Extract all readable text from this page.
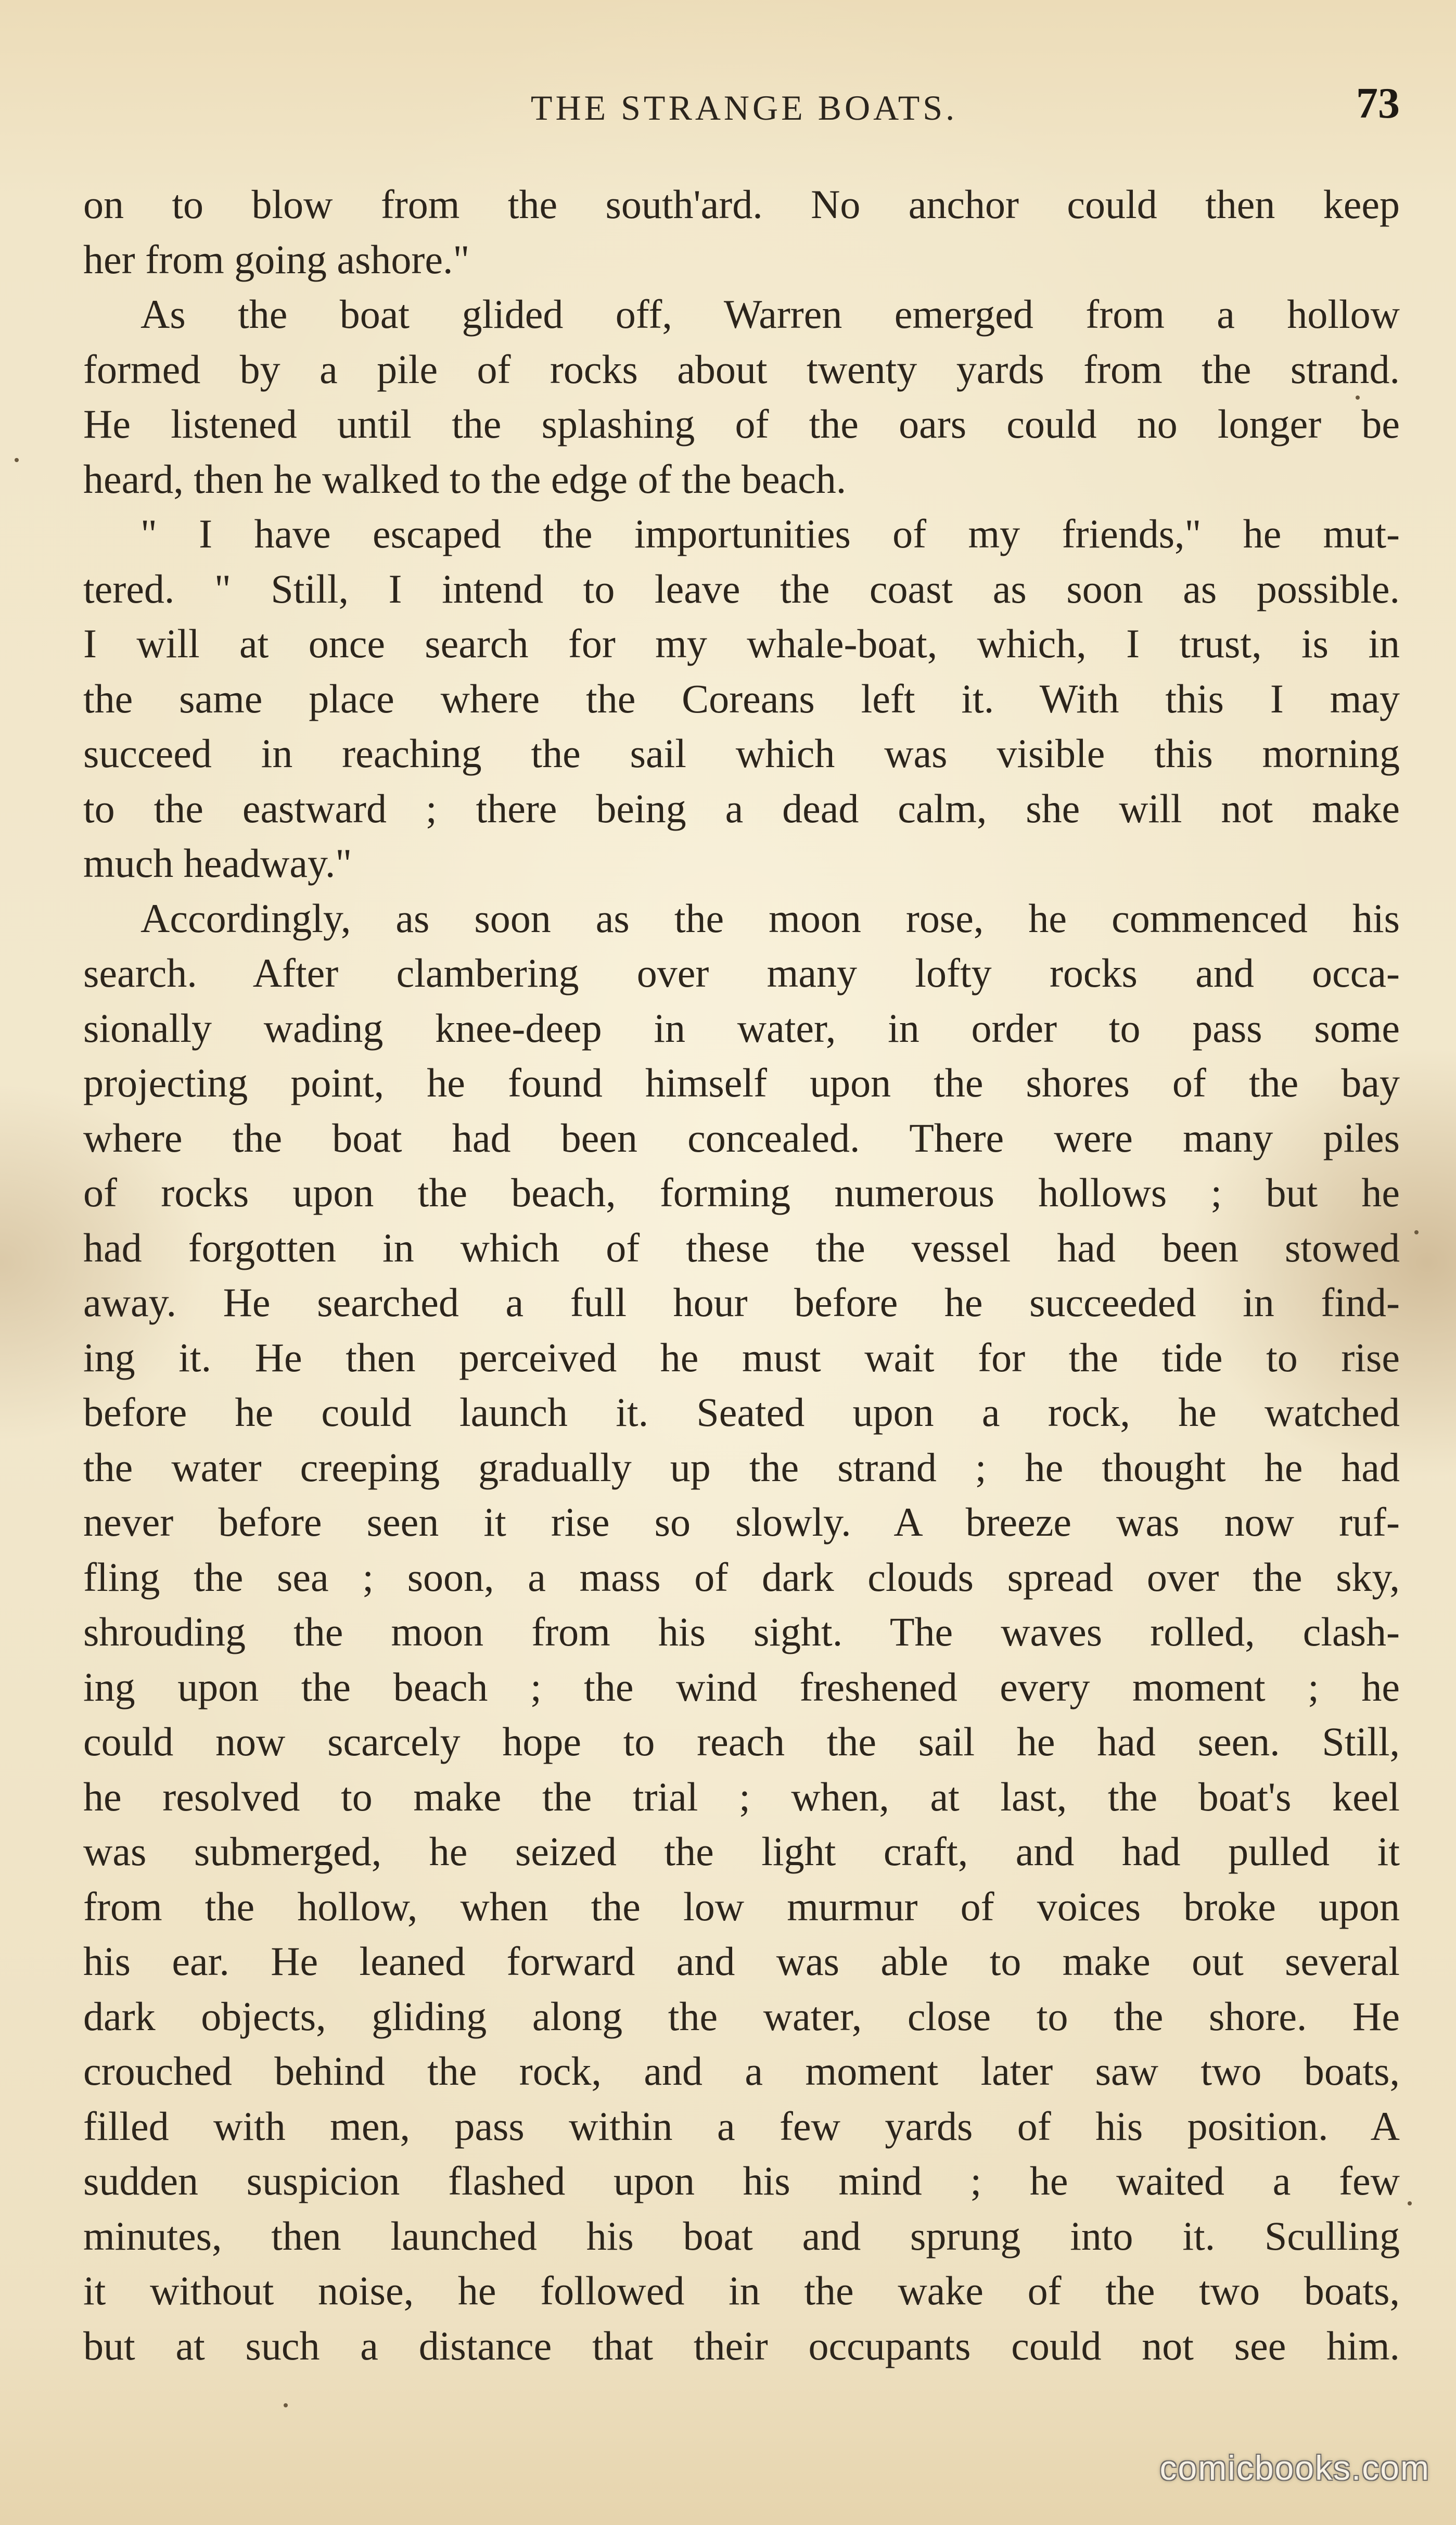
THE STRANGE BOATS.	73
on to blow from the south'ard. No anchor could then keep
her from going ashore."
As the boat glided off, Warren emerged from a hollow
formed by a pile of rocks about twenty yards from the strand.
He listened until the splashing of the oars could no longer be
heard, then he walked to the edge of the beach.
" I have escaped the importunities of my friends," he mut-
tered. " Still, I intend to leave the coast as soon as possible.
I will at once search for my whale-boat, which, I trust, is in
the same place where the Coreans left it. With this I may
succeed in reaching the sail which was visible this morning
to the eastward ; there being a dead calm, she will not make
much headway."
Accordingly, as soon as the moon rose, he commenced his
search. After clambering over many lofty rocks and occa-
sionally wading knee-deep in water, in order to pass some
projecting point, he found himself upon the shores of the bay
where the boat had been concealed. There were many piles
of rocks upon the beach, forming numerous hollows ; but he
had forgotten in which of these the vessel had been stowed
away. He searched a full hour before he succeeded in find-
ing it. He then perceived he must wait for the tide to rise
before he could launch it. Seated upon a rock, he watched
the water creeping gradually up the strand ; he thought he had
never before seen it rise so slowly. A breeze was now ruf-
fling the sea ; soon, a mass of dark clouds spread over the sky,
shrouding the moon from his sight. The waves rolled, clash-
ing upon the beach ; the wind freshened every moment ; he
could now scarcely hope to reach the sail he had seen. Still,
he resolved to make the trial ; when, at last, the boat's keel
was submerged, he seized the light craft, and had pulled it
from the hollow, when the low murmur of voices broke upon
his ear. He leaned forward and was able to make out several
dark objects, gliding along the water, close to the shore. He
crouched behind the rock, and a moment later saw two boats,
filled with men, pass within a few yards of his position. A
sudden suspicion flashed upon his mind ; he waited a few
minutes, then launched his boat and sprung into it. Sculling
it without noise, he followed in the wake of the two boats,
but at such a distance that their occupants could not see him.
comicbooks.com
